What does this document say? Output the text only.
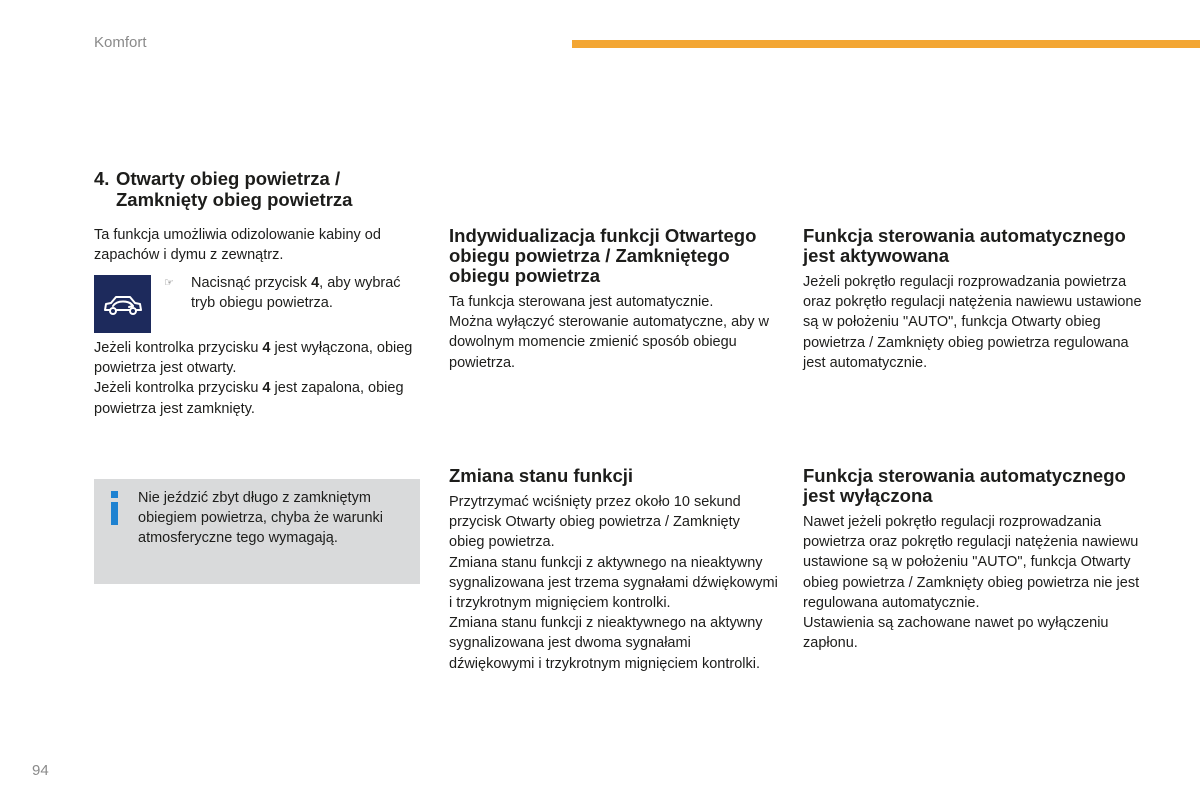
Komfort
4. Otwarty obieg powietrza /
Zamknięty obieg powietrza

Ta funkcja umożliwia odizolowanie kabiny od zapachów i dymu z zewnątrz.

☞ Nacisnąć przycisk 4, aby wybrać tryb obiegu powietrza.

Jeżeli kontrolka przycisku 4 jest wyłączona, obieg powietrza jest otwarty.

Jeżeli kontrolka przycisku 4 jest zapalona, obieg powietrza jest zamknięty.

Nie jeździć zbyt długo z zamkniętym obiegiem powietrza, chyba że warunki atmosferyczne tego wymagają.
Indywidualizacja funkcji Otwartego obiegu powietrza / Zamkniętego obiegu powietrza

Ta funkcja sterowana jest automatycznie.

Można wyłączyć sterowanie automatyczne, aby w dowolnym momencie zmienić sposób obiegu powietrza.

Zmiana stanu funkcji

Przytrzymać wciśnięty przez około 10 sekund przycisk Otwarty obieg powietrza / Zamknięty obieg powietrza.

Zmiana stanu funkcji z aktywnego na nieaktywny sygnalizowana jest trzema sygnałami dźwiękowymi i trzykrotnym mignięciem kontrolki.

Zmiana stanu funkcji z nieaktywnego na aktywny sygnalizowana jest dwoma sygnałami dźwiękowymi i trzykrotnym mignięciem kontrolki.

Funkcja sterowania automatycznego jest aktywowana

Jeżeli pokrętło regulacji rozprowadzania powietrza oraz pokrętło regulacji natężenia nawiewu ustawione są w położeniu "AUTO", funkcja Otwarty obieg powietrza / Zamknięty obieg powietrza regulowana jest automatycznie.

Funkcja sterowania automatycznego jest wyłączona

Nawet jeżeli pokrętło regulacji rozprowadzania powietrza oraz pokrętło regulacji natężenia nawiewu ustawione są w położeniu "AUTO", funkcja Otwarty obieg powietrza / Zamknięty obieg powietrza nie jest regulowana automatycznie.

Ustawienia są zachowane nawet po wyłączeniu zapłonu.

94
